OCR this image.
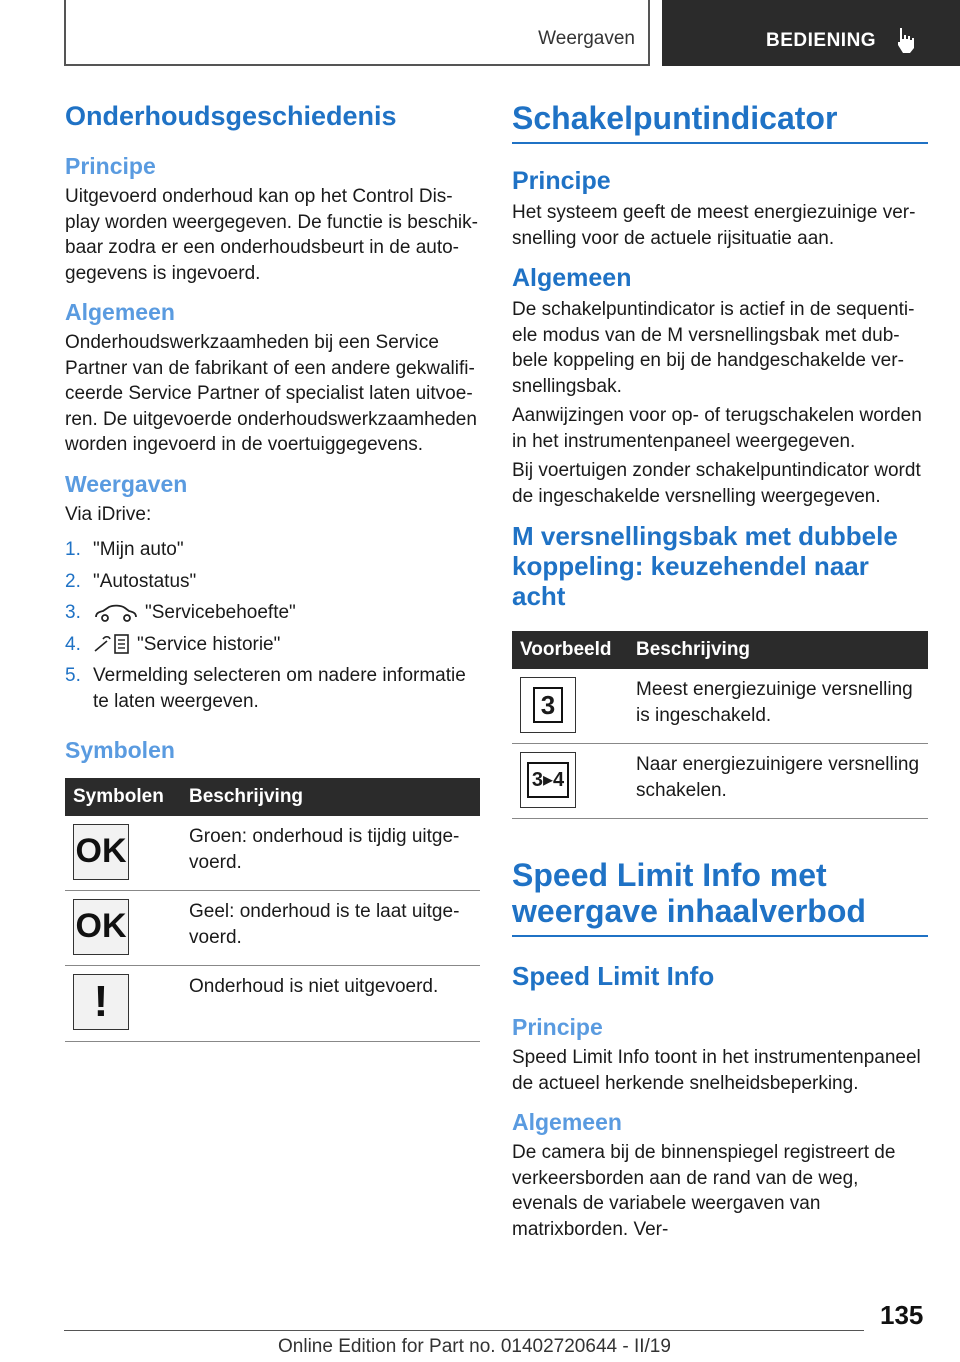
Weergaven	BEDIENING
Onderhoudsgeschiedenis
Principe

Uitgevoerd onderhoud kan op het Control Dis-play worden weergegeven. De functie is beschik-baar zodra er een onderhoudsbeurt in de auto-gegevens is ingevoerd.

Algemeen

Onderhoudswerkzaamheden bij een Service Partner van de fabrikant of een andere gekwalifi-ceerde Service Partner of specialist laten uitvoe-ren. De uitgevoerde onderhoudswerkzaamheden worden ingevoerd in de voertuiggegevens.

Weergaven

Via iDrive:

1. "Mijn auto"
2. "Autostatus"
3.	"Servicebehoefte"
4.	"Service historie"
5. Vermelding selecteren om nadere informatie te laten weergeven.
Symbolen
Symbolen	Beschrijving

OK	Groen: onderhoud is tijdig uitge-voerd.

OK	Geel: onderhoud is te laat uitge-voerd.

!	Onderhoud is niet uitgevoerd.
Schakelpuntindicator
Principe

Het systeem geeft de meest energiezuinige ver-snelling voor de actuele rijsituatie aan.

Algemeen

De schakelpuntindicator is actief in de sequenti-ele modus van de M versnellingsbak met dub-bele koppeling en bij de handgeschakelde ver-snellingsbak.

Aanwijzingen voor op- of terugschakelen worden in het instrumentenpaneel weergegeven.

Bij voertuigen zonder schakelpuntindicator wordt de ingeschakelde versnelling weergegeven.

M versnellingsbak met dubbele koppeling: keuzehendel naar acht
Voorbeeld	Beschrijving

3	Meest energiezuinige versnelling is ingeschakeld.

3▸4	Naar energiezuinigere versnelling schakelen.
Speed Limit Info met weergave inhaalverbod
Speed Limit Info
Principe

Speed Limit Info toont in het instrumentenpaneel de actueel herkende snelheidsbeperking.

Algemeen

De camera bij de binnenspiegel registreert de verkeersborden aan de rand van de weg, evenals de variabele weergaven van matrixborden. Ver-

135
Online Edition for Part no. 01402720644 - II/19
